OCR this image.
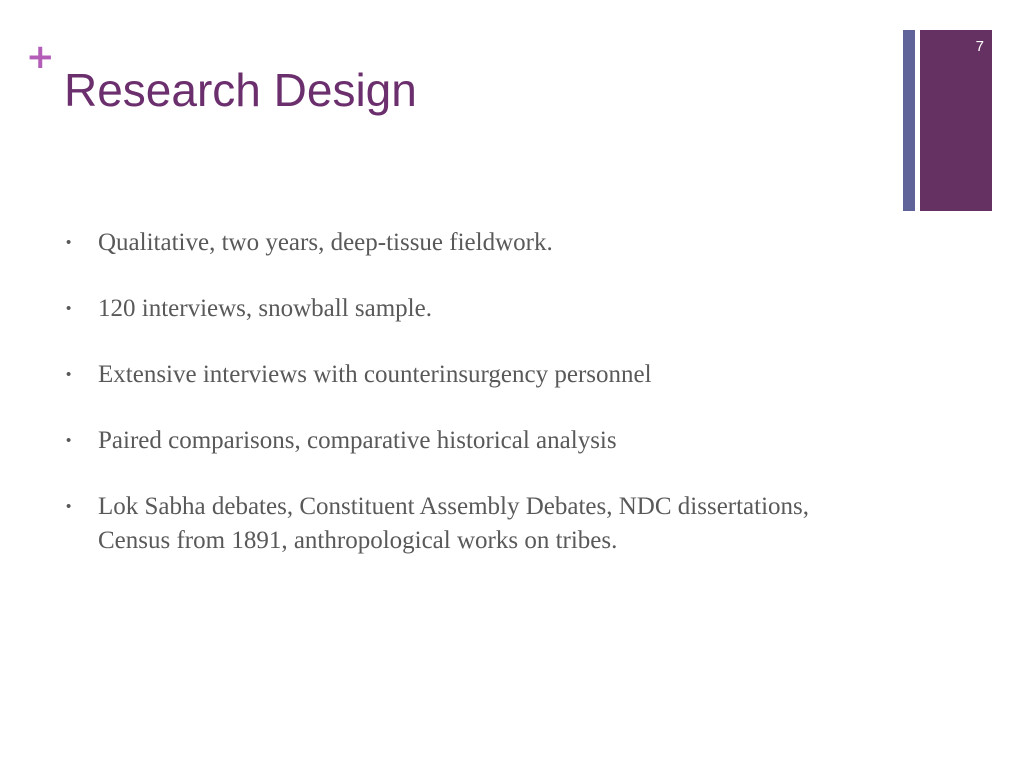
+
Research Design
7
• Qualitative, two years, deep-tissue fieldwork.
• 120 interviews, snowball sample.
• Extensive interviews with counterinsurgency personnel
• Paired comparisons, comparative historical analysis
• Lok Sabha debates, Constituent Assembly Debates, NDC dissertations, Census from 1891, anthropological works on tribes.
